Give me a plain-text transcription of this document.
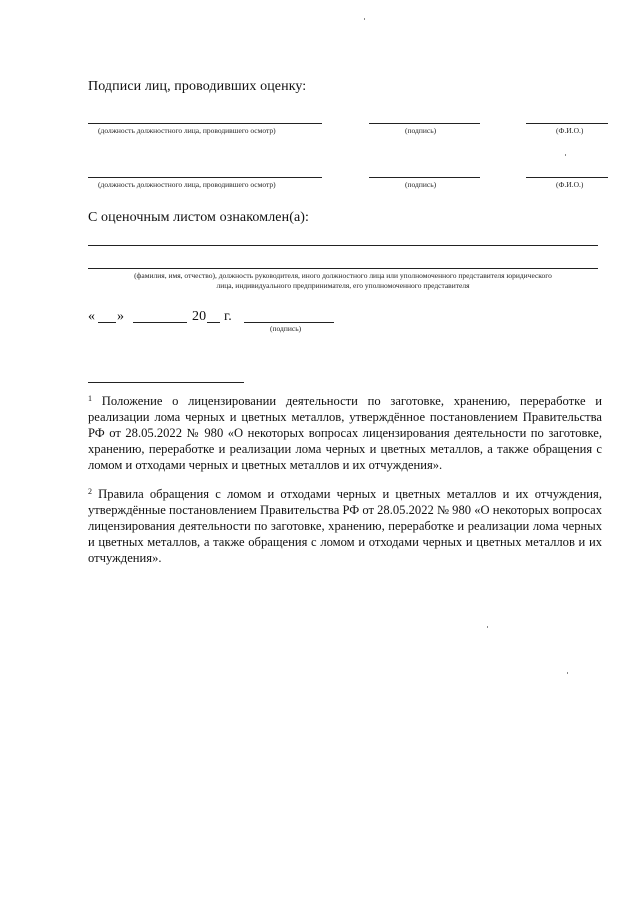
Подписи лиц, проводивших оценку:
(должность должностного лица, проводившего осмотр)	(подпись)	(Ф.И.О.)
(должность должностного лица, проводившего осмотр)	(подпись)	(Ф.И.О.)
С оценочным листом ознакомлен(а):
(фамилия, имя, отчество), должность руководителя, иного должностного лица или уполномоченного представителя юридического
лица, индивидуального предпринимателя, его уполномоченного представителя
« »	20 г.
(подпись)
$^1$ Положение о лицензировании деятельности по заготовке, хранению, переработке и реализации лома черных и цветных металлов, утверждённое постановлением Правительства РФ от 28.05.2022 № 980 «О некоторых вопросах лицензирования деятельности по заготовке, хранению, переработке и реализации лома черных и цветных металлов, а также обращения с ломом и отходами черных и цветных металлов и их отчуждения».
$^2$ Правила обращения с ломом и отходами черных и цветных металлов и их отчуждения, утверждённые постановлением Правительства РФ от 28.05.2022 № 980 «О некоторых вопросах лицензирования деятельности по заготовке, хранению, переработке и реализации лома черных и цветных металлов, а также обращения с ломом и отходами черных и цветных металлов и их отчуждения».
